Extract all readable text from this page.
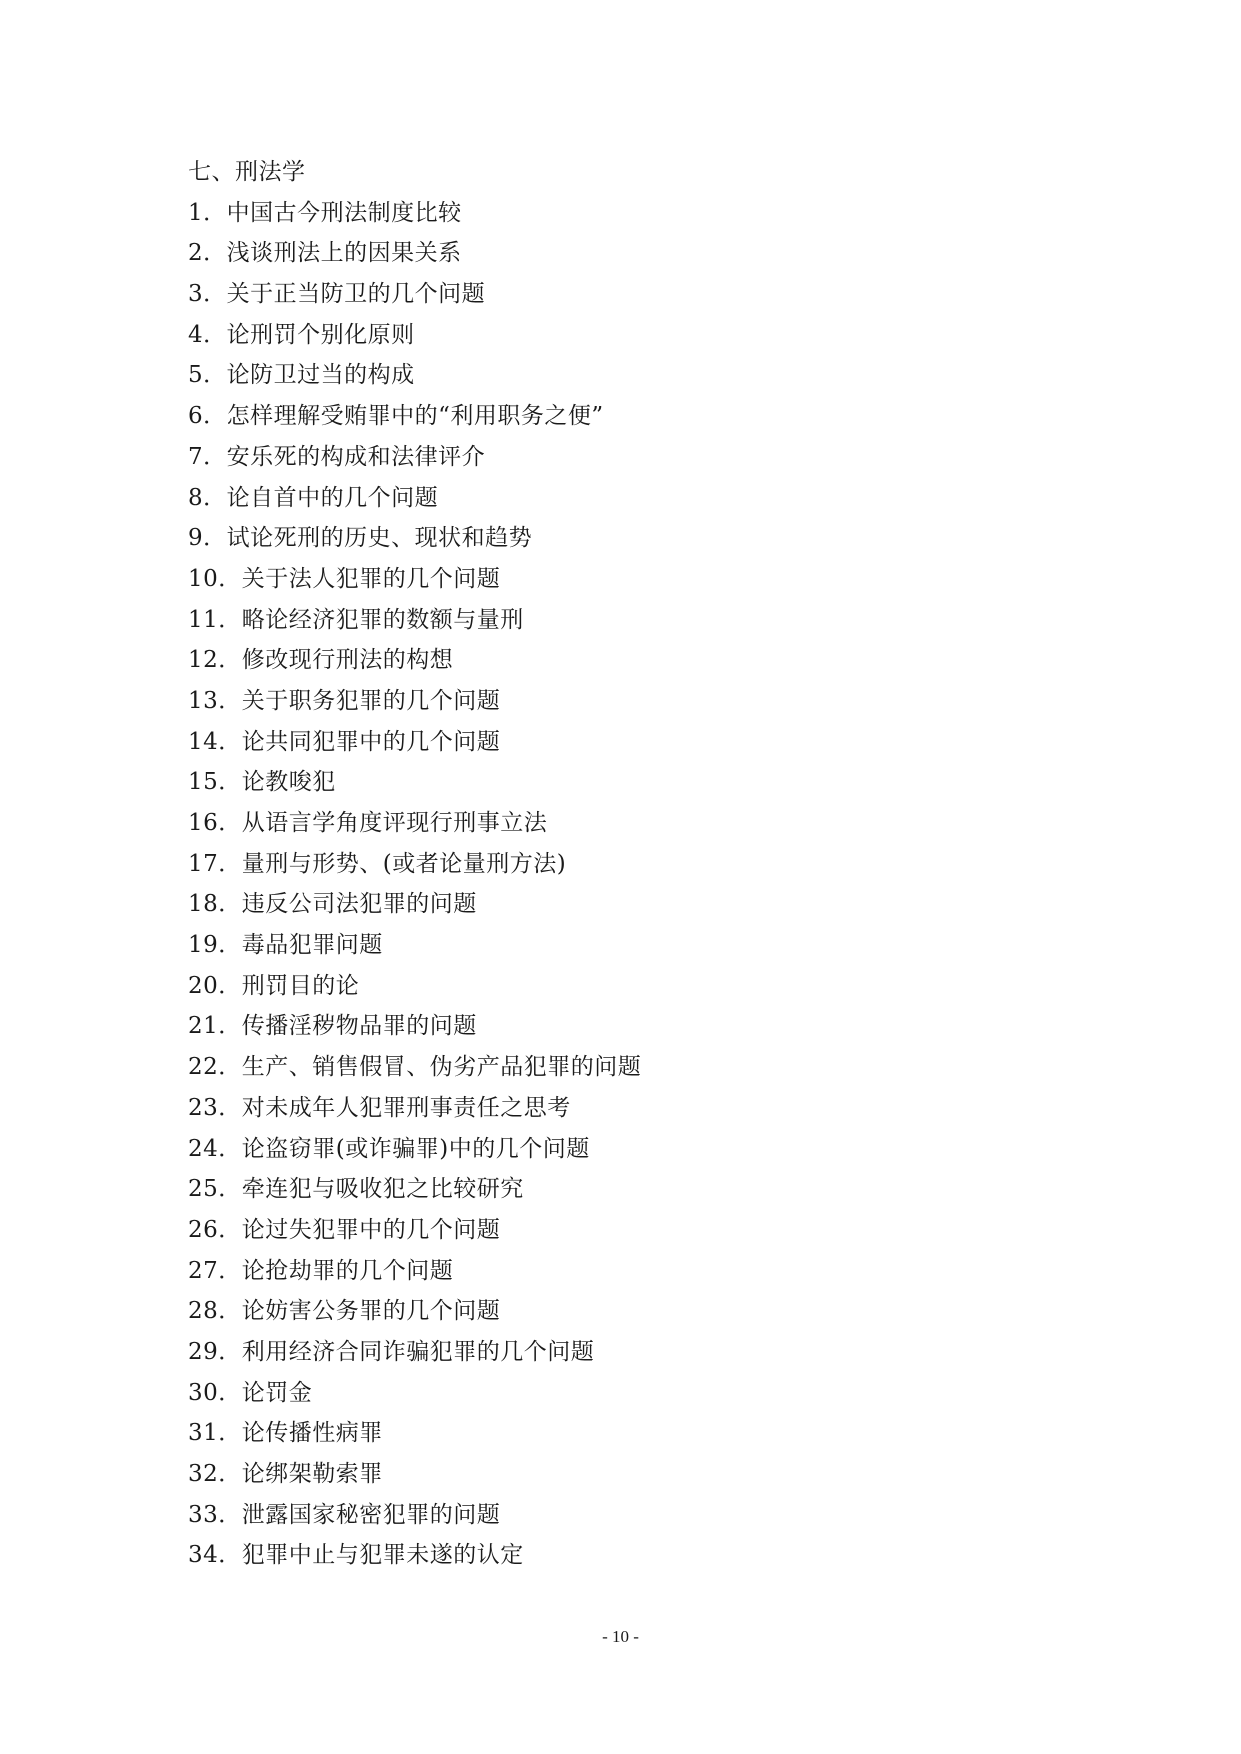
七、刑法学
1．中国古今刑法制度比较
2．浅谈刑法上的因果关系
3．关于正当防卫的几个问题
4．论刑罚个别化原则
5．论防卫过当的构成
6．怎样理解受贿罪中的“利用职务之便”
7．安乐死的构成和法律评介
8．论自首中的几个问题
9．试论死刑的历史、现状和趋势
10．关于法人犯罪的几个问题
11．略论经济犯罪的数额与量刑
12．修改现行刑法的构想
13．关于职务犯罪的几个问题
14．论共同犯罪中的几个问题
15．论教唆犯
16．从语言学角度评现行刑事立法
17．量刑与形势、(或者论量刑方法)
18．违反公司法犯罪的问题
19．毒品犯罪问题
20．刑罚目的论
21．传播淫秽物品罪的问题
22．生产、销售假冒、伪劣产品犯罪的问题
23．对未成年人犯罪刑事责任之思考
24．论盗窃罪(或诈骗罪)中的几个问题
25．牵连犯与吸收犯之比较研究
26．论过失犯罪中的几个问题
27．论抢劫罪的几个问题
28．论妨害公务罪的几个问题
29．利用经济合同诈骗犯罪的几个问题
30．论罚金
31．论传播性病罪
32．论绑架勒索罪
33．泄露国家秘密犯罪的问题
34．犯罪中止与犯罪未遂的认定
- 10 -
